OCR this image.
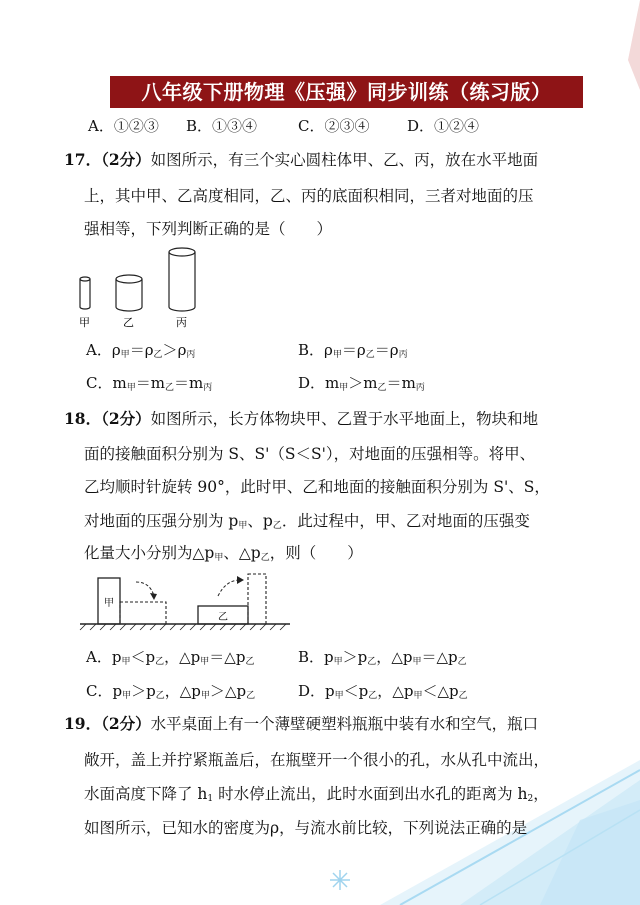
八年级下册物理《压强》同步训练（练习版）
A．①②③ B．①③④	C．②③④	D．①②④
17．（2分）如图所示，有三个实心圆柱体甲、乙、丙，放在水平地面
上，其中甲、乙高度相同，乙、丙的底面积相同，三者对地面的压
强相等，下列判断正确的是（　　）
甲	乙	丙
A．$\rho_甲=\rho_乙>\rho_丙$	B．$\rho_甲=\rho_乙=\rho_丙$
C．$m_甲=m_乙=m_丙$	D．$m_甲>m_乙=m_丙$
18．（2分）如图所示，长方体物块甲、乙置于水平地面上，物块和地
面的接触面积分别为 S、S'（S＜S'），对地面的压强相等。将甲、
乙均顺时针旋转 90°，此时甲、乙和地面的接触面积分别为 S'、S，
对地面的压强分别为 $p_甲$、$p_乙$．此过程中，甲、乙对地面的压强变
化量大小分别为$\triangle p_甲$、$\triangle p_乙$，则（　　）
甲
乙
A．$p_甲<p_乙$，$\triangle p_甲=\triangle p_乙$	B．$p_甲>p_乙$，$\triangle p_甲=\triangle p_乙$
C．$p_甲>p_乙$，$\triangle p_甲>\triangle p_乙$	D．$p_甲<p_乙$，$\triangle p_甲<\triangle p_乙$
19．（2分）水平桌面上有一个薄壁硬塑料瓶瓶中装有水和空气，瓶口
敞开，盖上并拧紧瓶盖后，在瓶壁开一个很小的孔，水从孔中流出，
水面高度下降了 $h_1$ 时水停止流出，此时水面到出水孔的距离为 $h_2$，
如图所示，已知水的密度为ρ，与流水前比较，下列说法正确的是
